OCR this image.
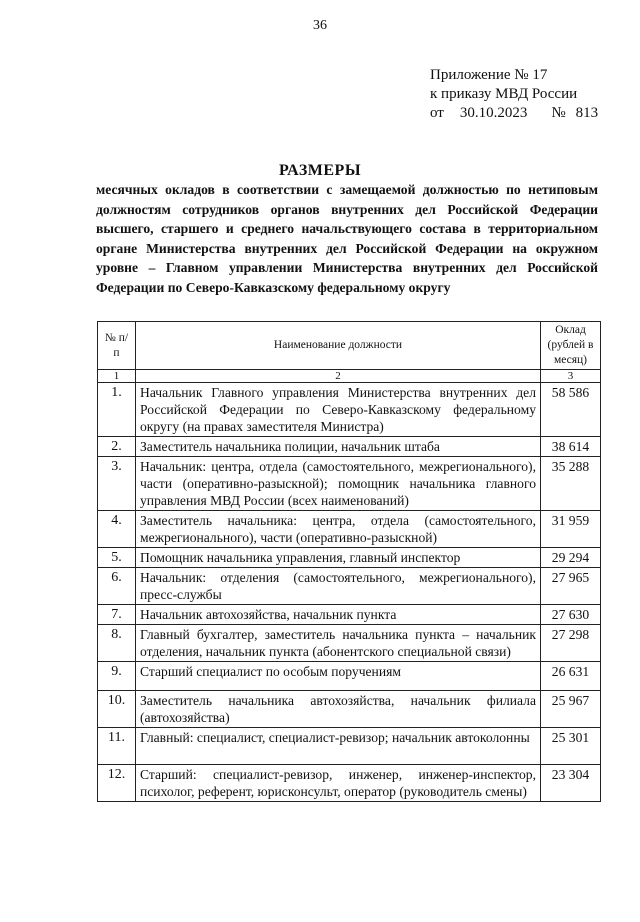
36
Приложение № 17
к приказу МВД России
от 30.10.2023 № 813
РАЗМЕРЫ
месячных окладов в соответствии с замещаемой должностью по нетиповым должностям сотрудников органов внутренних дел Российской Федерации высшего, старшего и среднего начальствующего состава в территориальном органе Министерства внутренних дел Российской Федерации на окружном уровне – Главном управлении Министерства внутренних дел Российской Федерации по Северо-Кавказскому федеральному округу
№ п/п	Наименование должности	Оклад (рублей в месяц)
1	2	3
1.	Начальник Главного управления Министерства внутренних дел Российской Федерации по Северо-Кавказскому федеральному округу (на правах заместителя Министра)	58 586
2.	Заместитель начальника полиции, начальник штаба	38 614
3.	Начальник: центра, отдела (самостоятельного, межрегионального), части (оперативно-разыскной); помощник начальника главного управления МВД России (всех наименований)	35 288
4.	Заместитель начальника: центра, отдела (самостоятельного, межрегионального), части (оперативно-разыскной)	31 959
5.	Помощник начальника управления, главный инспектор	29 294
6.	Начальник: отделения (самостоятельного, межрегионального), пресс-службы	27 965
7.	Начальник автохозяйства, начальник пункта	27 630
8.	Главный бухгалтер, заместитель начальника пункта – начальник отделения, начальник пункта (абонентского специальной связи)	27 298
9.	Старший специалист по особым поручениям	26 631
10.	Заместитель начальника автохозяйства, начальник филиала (автохозяйства)	25 967
11.	Главный: специалист, специалист-ревизор; начальник автоколонны	25 301
12.	Старший: специалист-ревизор, инженер, инженер-инспектор, психолог, референт, юрисконсульт, оператор (руководитель смены)	23 304
